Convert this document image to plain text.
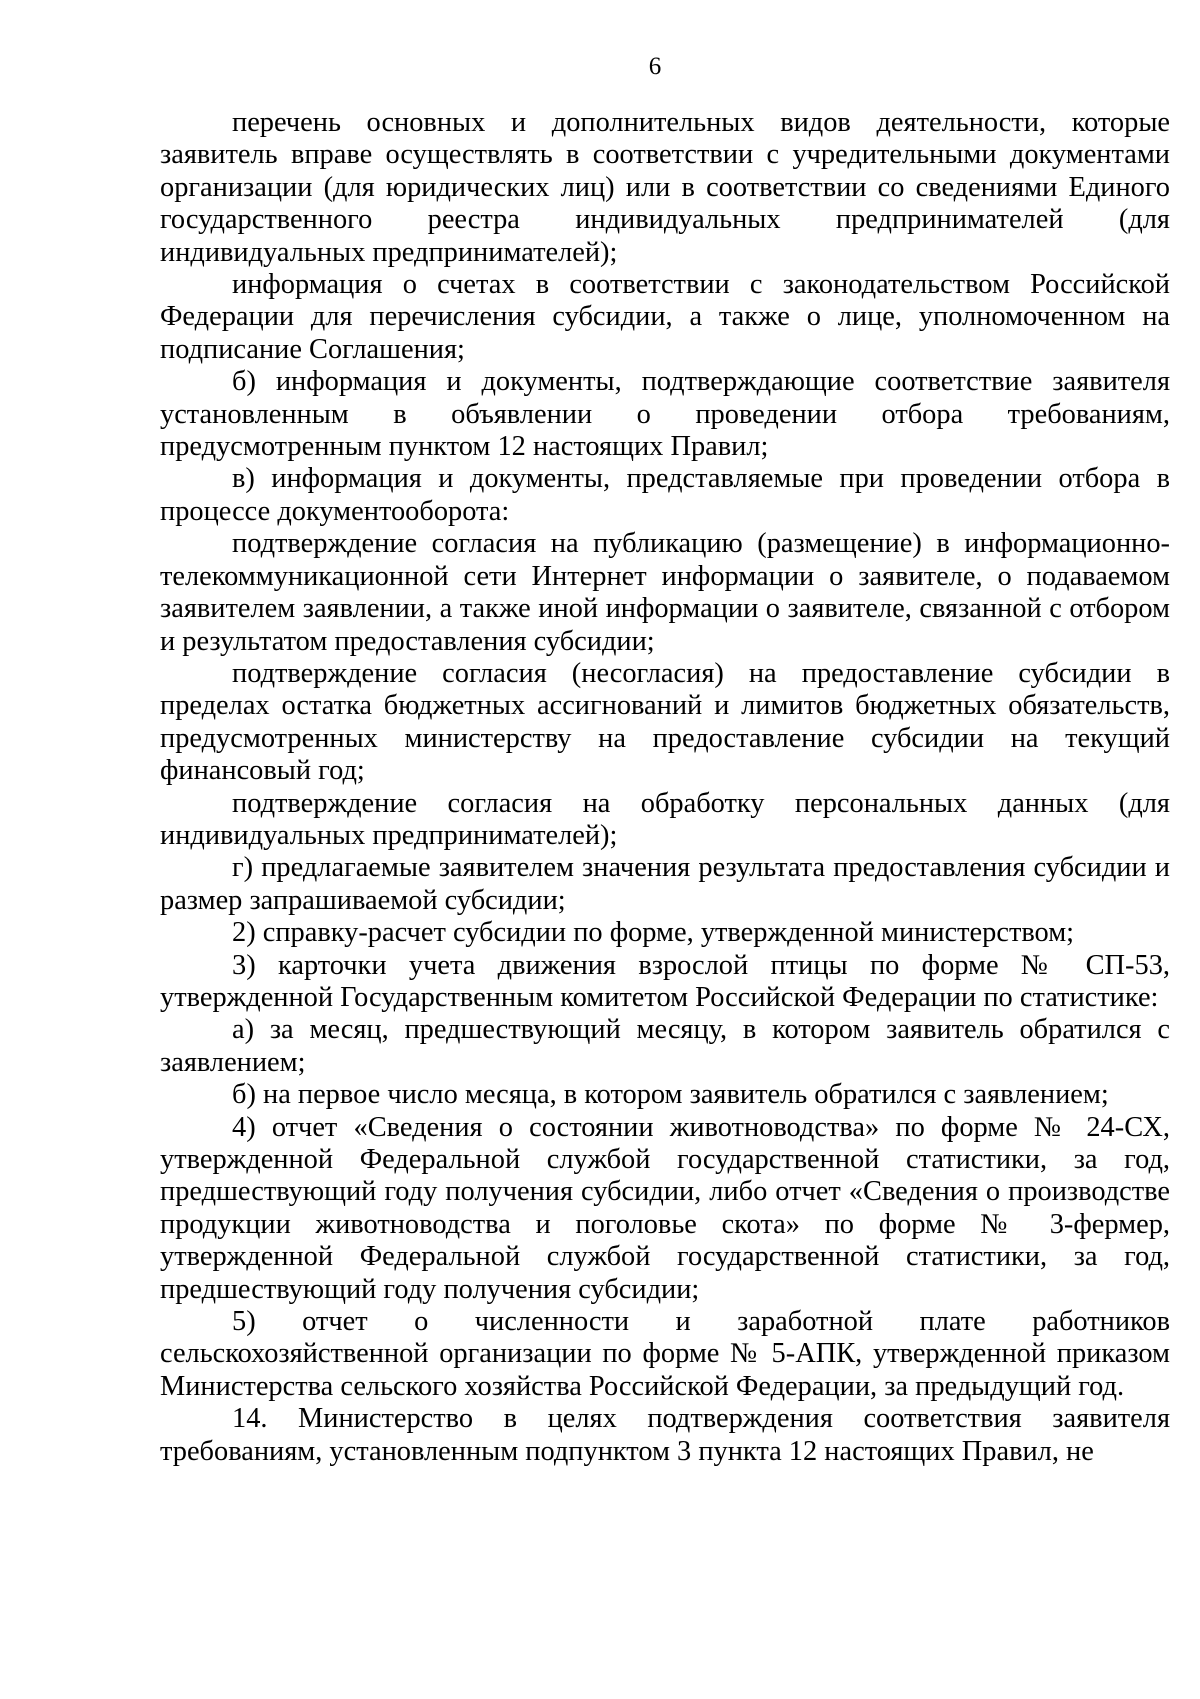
6

перечень основных и дополнительных видов деятельности, которые заявитель вправе осуществлять в соответствии с учредительными документами организации (для юридических лиц) или в соответствии со сведениями Единого государственного реестра индивидуальных предпринимателей (для индивидуальных предпринимателей);

информация о счетах в соответствии с законодательством Российской Федерации для перечисления субсидии, а также о лице, уполномоченном на подписание Соглашения;

б) информация и документы, подтверждающие соответствие заявителя установленным в объявлении о проведении отбора требованиям, предусмотренным пунктом 12 настоящих Правил;

в) информация и документы, представляемые при проведении отбора в процессе документооборота:

подтверждение согласия на публикацию (размещение) в информационно-телекоммуникационной сети Интернет информации о заявителе, о подаваемом заявителем заявлении, а также иной информации о заявителе, связанной с отбором и результатом предоставления субсидии;

подтверждение согласия (несогласия) на предоставление субсидии в пределах остатка бюджетных ассигнований и лимитов бюджетных обязательств, предусмотренных министерству на предоставление субсидии на текущий финансовый год;

подтверждение согласия на обработку персональных данных (для индивидуальных предпринимателей);

г) предлагаемые заявителем значения результата предоставления субсидии и размер запрашиваемой субсидии;

2) справку-расчет субсидии по форме, утвержденной министерством;

3) карточки учета движения взрослой птицы по форме № СП-53, утвержденной Государственным комитетом Российской Федерации по статистике:

а) за месяц, предшествующий месяцу, в котором заявитель обратился с заявлением;

б) на первое число месяца, в котором заявитель обратился с заявлением;

4) отчет «Сведения о состоянии животноводства» по форме № 24-СХ, утвержденной Федеральной службой государственной статистики, за год, предшествующий году получения субсидии, либо отчет «Сведения о производстве продукции животноводства и поголовье скота» по форме № 3-фермер, утвержденной Федеральной службой государственной статистики, за год, предшествующий году получения субсидии;

5) отчет о численности и заработной плате работников сельскохозяйственной организации по форме № 5-АПК, утвержденной приказом Министерства сельского хозяйства Российской Федерации, за предыдущий год.

14. Министерство в целях подтверждения соответствия заявителя требованиям, установленным подпунктом 3 пункта 12 настоящих Правил, не
